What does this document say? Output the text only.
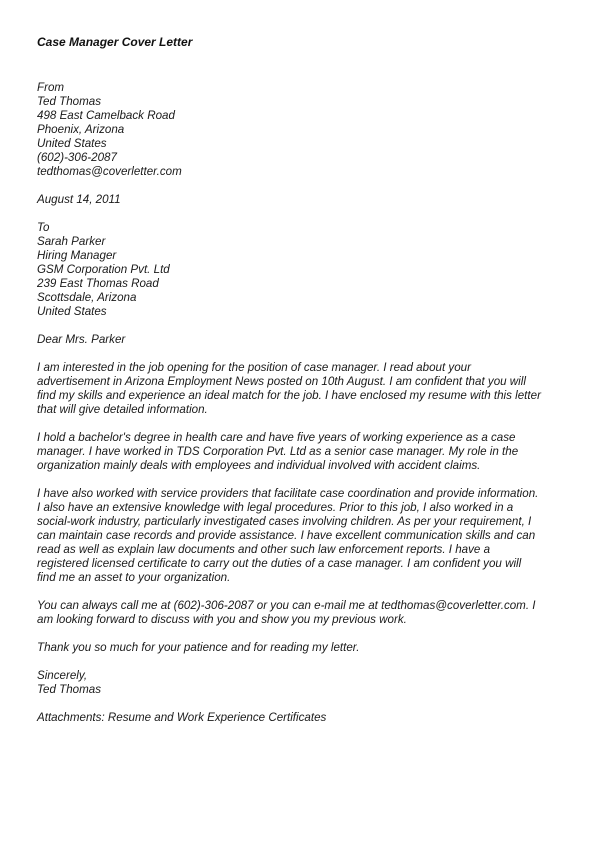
Case Manager Cover Letter
From
Ted Thomas
498 East Camelback Road
Phoenix, Arizona
United States
(602)-306-2087
tedthomas@coverletter.com
August 14, 2011
To
Sarah Parker
Hiring Manager
GSM Corporation Pvt. Ltd
239 East Thomas Road
Scottsdale, Arizona
United States
Dear Mrs. Parker
I am interested in the job opening for the position of case manager. I read about your
advertisement in Arizona Employment News posted on 10th August. I am confident that you will
find my skills and experience an ideal match for the job. I have enclosed my resume with this letter
that will give detailed information.
I hold a bachelor's degree in health care and have five years of working experience as a case
manager. I have worked in TDS Corporation Pvt. Ltd as a senior case manager. My role in the
organization mainly deals with employees and individual involved with accident claims.
I have also worked with service providers that facilitate case coordination and provide information.
I also have an extensive knowledge with legal procedures. Prior to this job, I also worked in a
social-work industry, particularly investigated cases involving children. As per your requirement, I
can maintain case records and provide assistance. I have excellent communication skills and can
read as well as explain law documents and other such law enforcement reports. I have a
registered licensed certificate to carry out the duties of a case manager. I am confident you will
find me an asset to your organization.
You can always call me at (602)-306-2087 or you can e-mail me at tedthomas@coverletter.com. I
am looking forward to discuss with you and show you my previous work.
Thank you so much for your patience and for reading my letter.
Sincerely,
Ted Thomas
Attachments: Resume and Work Experience Certificates
